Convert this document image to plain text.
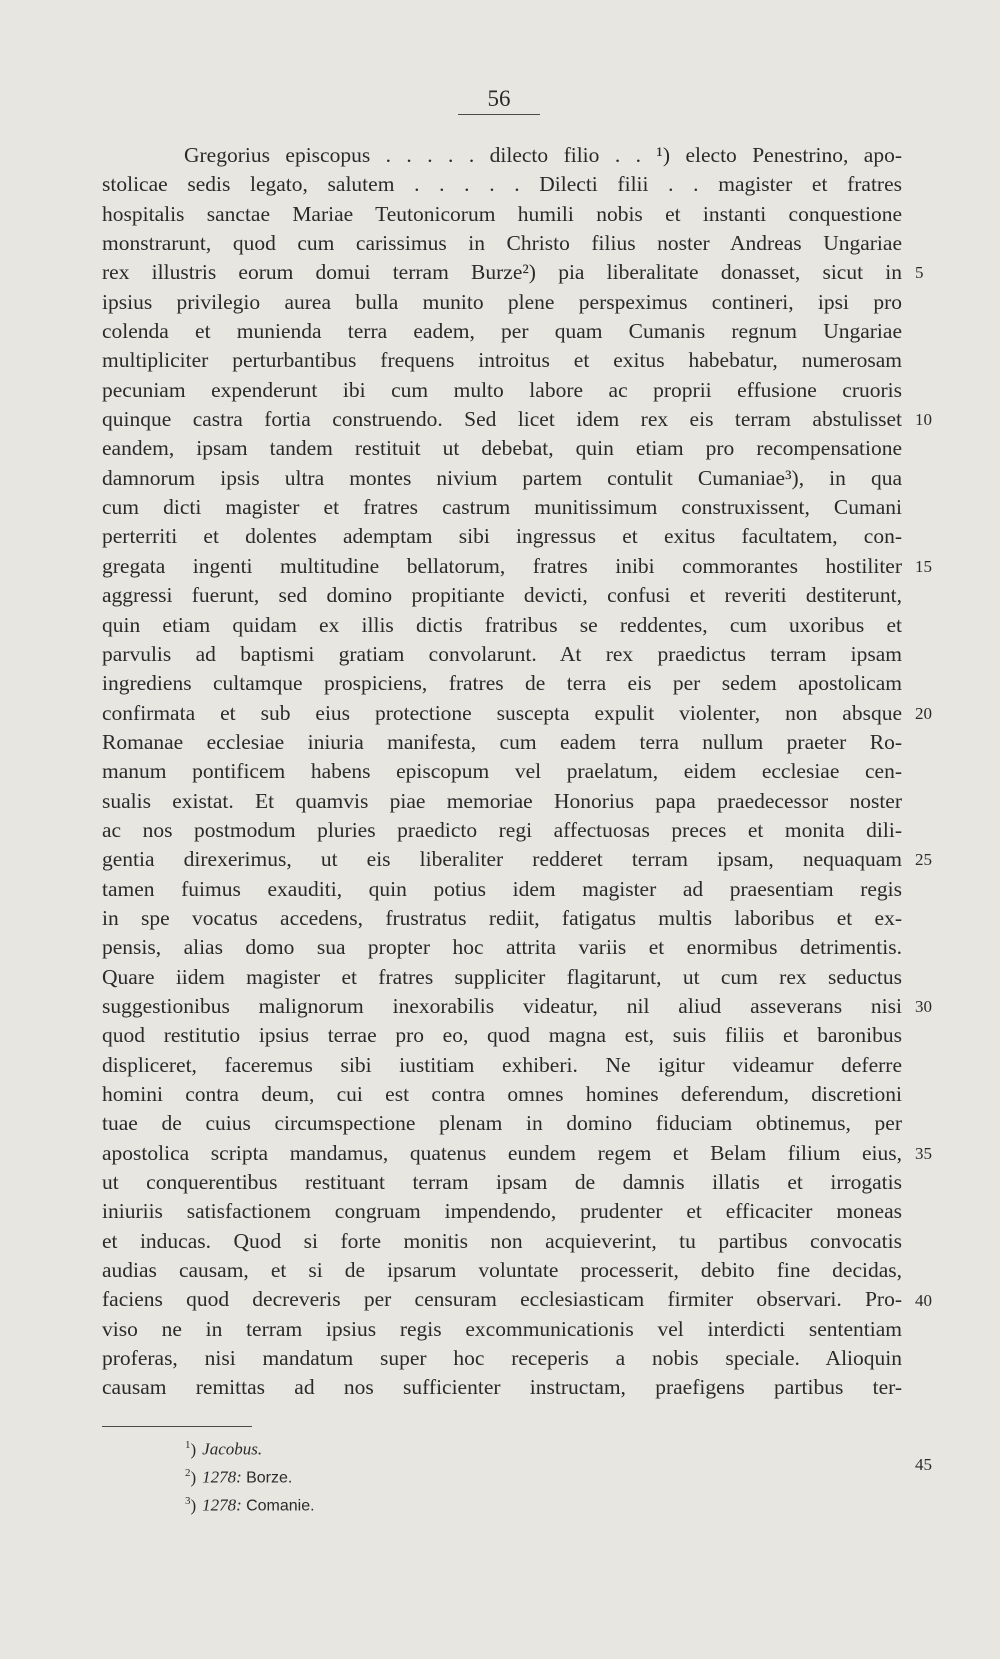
56
Gregorius episcopus . . . . . dilecto filio . . ¹) electo Penestrino, apo-
stolicae sedis legato, salutem . . . . . Dilecti filii . . magister et fratres
hospitalis sanctae Mariae Teutonicorum humili nobis et instanti conquestione
monstrarunt, quod cum carissimus in Christo filius noster Andreas Ungariae
rex illustris eorum domui terram Burze²) pia liberalitate donasset, sicut in
ipsius privilegio aurea bulla munito plene perspeximus contineri, ipsi pro
colenda et munienda terra eadem, per quam Cumanis regnum Ungariae
multipliciter perturbantibus frequens introitus et exitus habebatur, numerosam
pecuniam expenderunt ibi cum multo labore ac proprii effusione cruoris
quinque castra fortia construendo. Sed licet idem rex eis terram abstulisset
eandem, ipsam tandem restituit ut debebat, quin etiam pro recompensatione
damnorum ipsis ultra montes nivium partem contulit Cumaniae³), in qua
cum dicti magister et fratres castrum munitissimum construxissent, Cumani
perterriti et dolentes ademptam sibi ingressus et exitus facultatem, con-
gregata ingenti multitudine bellatorum, fratres inibi commorantes hostiliter
aggressi fuerunt, sed domino propitiante devicti, confusi et reveriti destiterunt,
quin etiam quidam ex illis dictis fratribus se reddentes, cum uxoribus et
parvulis ad baptismi gratiam convolarunt. At rex praedictus terram ipsam
ingrediens cultamque prospiciens, fratres de terra eis per sedem apostolicam
confirmata et sub eius protectione suscepta expulit violenter, non absque
Romanae ecclesiae iniuria manifesta, cum eadem terra nullum praeter Ro-
manum pontificem habens episcopum vel praelatum, eidem ecclesiae cen-
sualis existat. Et quamvis piae memoriae Honorius papa praedecessor noster
ac nos postmodum pluries praedicto regi affectuosas preces et monita dili-
gentia direxerimus, ut eis liberaliter redderet terram ipsam, nequaquam
tamen fuimus exauditi, quin potius idem magister ad praesentiam regis
in spe vocatus accedens, frustratus rediit, fatigatus multis laboribus et ex-
pensis, alias domo sua propter hoc attrita variis et enormibus detrimentis.
Quare iidem magister et fratres suppliciter flagitarunt, ut cum rex seductus
suggestionibus malignorum inexorabilis videatur, nil aliud asseverans nisi
quod restitutio ipsius terrae pro eo, quod magna est, suis filiis et baronibus
displiceret, faceremus sibi iustitiam exhiberi. Ne igitur videamur deferre
homini contra deum, cui est contra omnes homines deferendum, discretioni
tuae de cuius circumspectione plenam in domino fiduciam obtinemus, per
apostolica scripta mandamus, quatenus eundem regem et Belam filium eius,
ut conquerentibus restituant terram ipsam de damnis illatis et irrogatis
iniuriis satisfactionem congruam impendendo, prudenter et efficaciter moneas
et inducas. Quod si forte monitis non acquieverint, tu partibus convocatis
audias causam, et si de ipsarum voluntate processerit, debito fine decidas,
faciens quod decreveris per censuram ecclesiasticam firmiter observari. Pro-
viso ne in terram ipsius regis excommunicationis vel interdicti sententiam
proferas, nisi mandatum super hoc receperis a nobis speciale. Alioquin
causam remittas ad nos sufficienter instructam, praefigens partibus ter-
5
10
15
20
25
30
35
40
$^1$) Jacobus.
$^2$) 1278: Borze.
$^3$) 1278: Comanie.
45
